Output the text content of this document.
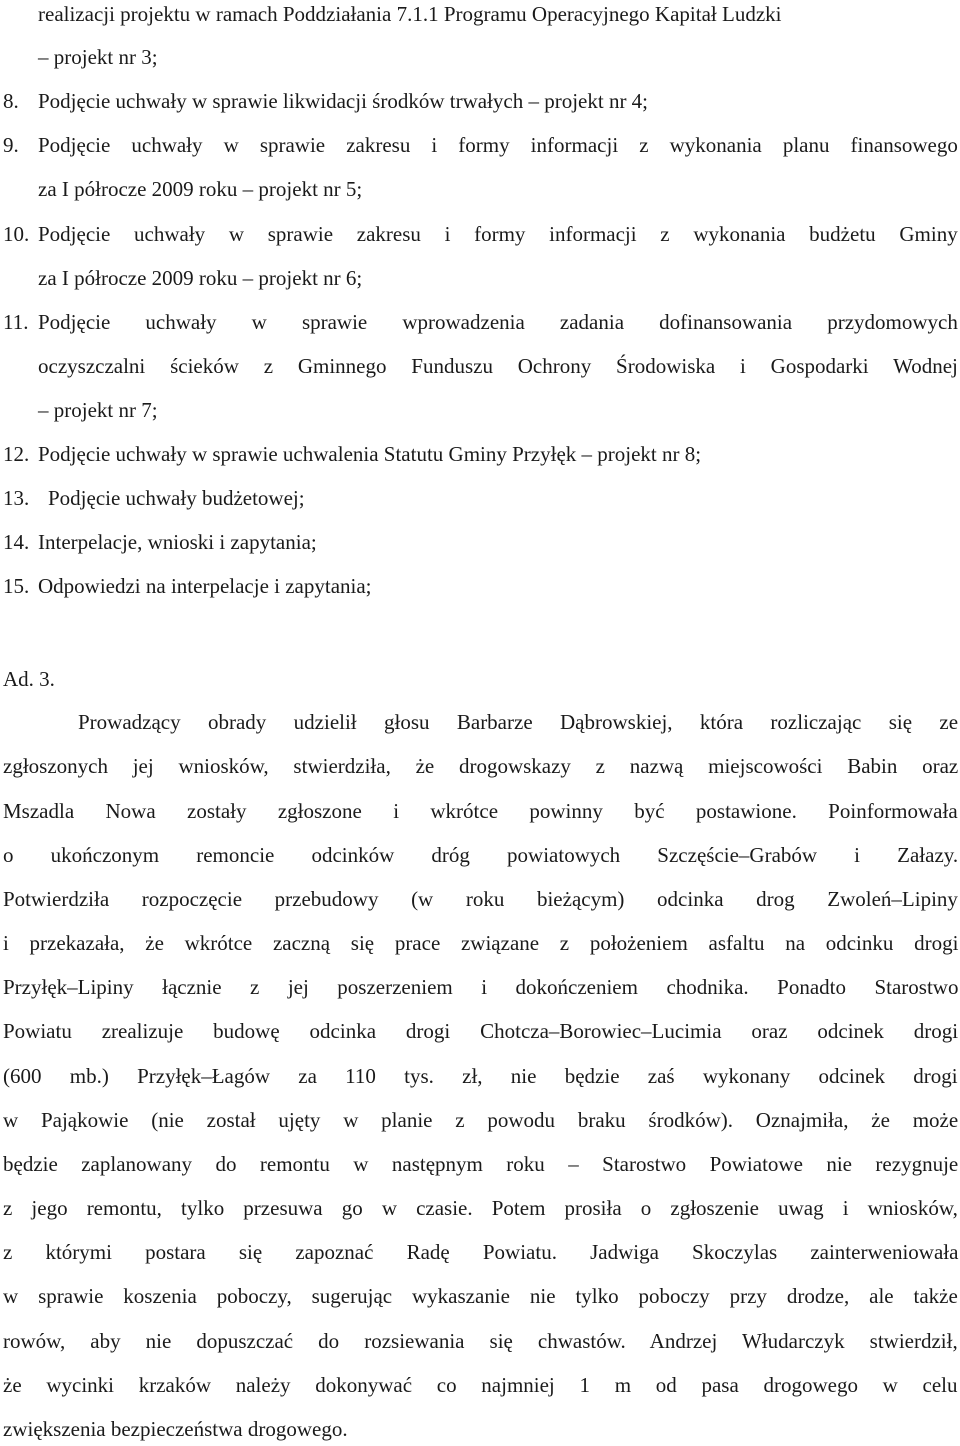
realizacji projektu w ramach Poddziałania 7.1.1 Programu Operacyjnego Kapitał Ludzki
– projekt nr 3;
8. Podjęcie uchwały w sprawie likwidacji środków trwałych – projekt nr 4;
9. Podjęcie uchwały w sprawie zakresu i formy informacji z wykonania planu finansowego
za I półrocze 2009 roku – projekt nr 5;
10. Podjęcie uchwały w sprawie zakresu i formy informacji z wykonania budżetu Gminy
za I półrocze 2009 roku – projekt nr 6;
11. Podjęcie uchwały w sprawie wprowadzenia zadania dofinansowania przydomowych
oczyszczalni ścieków z Gminnego Funduszu Ochrony Środowiska i Gospodarki Wodnej
– projekt nr 7;
12. Podjęcie uchwały w sprawie uchwalenia Statutu Gminy Przyłęk – projekt nr 8;
13. Podjęcie uchwały budżetowej;
14. Interpelacje, wnioski i zapytania;
15. Odpowiedzi na interpelacje i zapytania;
Ad. 3.
Prowadzący obrady udzielił głosu Barbarze Dąbrowskiej, która rozliczając się ze
zgłoszonych jej wniosków, stwierdziła, że drogowskazy z nazwą miejscowości Babin oraz
Mszadla Nowa zostały zgłoszone i wkrótce powinny być postawione. Poinformowała
o ukończonym remoncie odcinków dróg powiatowych Szczęście–Grabów i Załazy.
Potwierdziła rozpoczęcie przebudowy (w roku bieżącym) odcinka drog Zwoleń–Lipiny
i przekazała, że wkrótce zaczną się prace związane z położeniem asfaltu na odcinku drogi
Przyłęk–Lipiny łącznie z jej poszerzeniem i dokończeniem chodnika. Ponadto Starostwo
Powiatu zrealizuje budowę odcinka drogi Chotcza–Borowiec–Lucimia oraz odcinek drogi
(600 mb.) Przyłęk–Łagów za 110 tys. zł, nie będzie zaś wykonany odcinek drogi
w Pająkowie (nie został ujęty w planie z powodu braku środków). Oznajmiła, że może
będzie zaplanowany do remontu w następnym roku – Starostwo Powiatowe nie rezygnuje
z jego remontu, tylko przesuwa go w czasie. Potem prosiła o zgłoszenie uwag i wniosków,
z którymi postara się zapoznać Radę Powiatu. Jadwiga Skoczylas zainterweniowała
w sprawie koszenia poboczy, sugerując wykaszanie nie tylko poboczy przy drodze, ale także
rowów, aby nie dopuszczać do rozsiewania się chwastów. Andrzej Włudarczyk stwierdził,
że wycinki krzaków należy dokonywać co najmniej 1 m od pasa drogowego w celu
zwiększenia bezpieczeństwa drogowego.
